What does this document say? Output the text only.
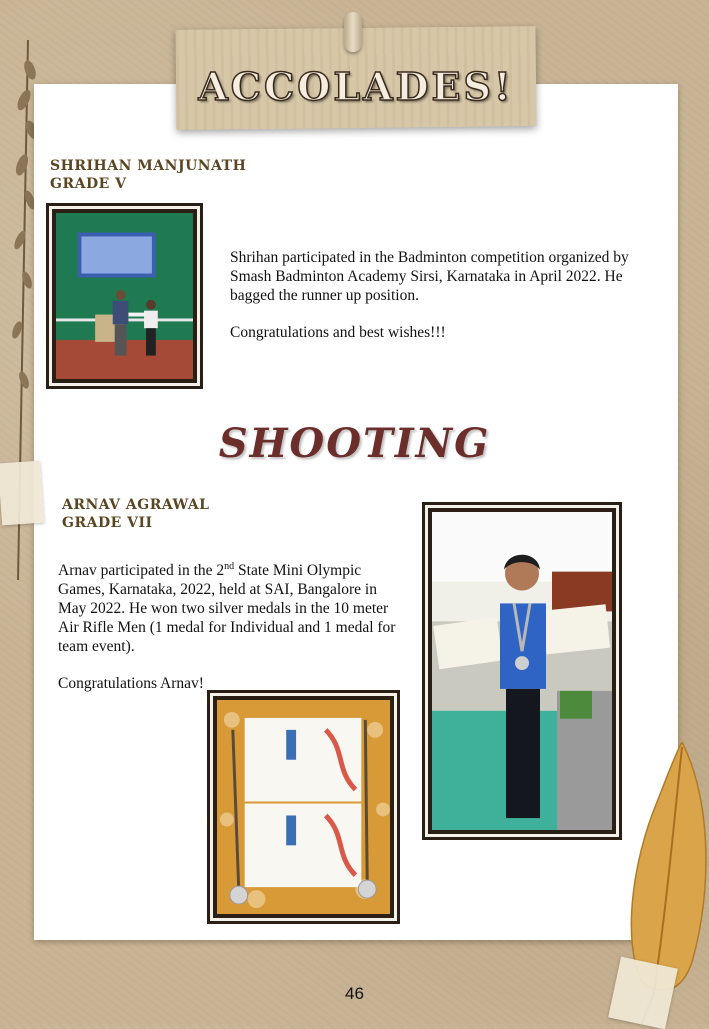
ACCOLADES!
SHRIHAN MANJUNATH
GRADE V

Shrihan participated in the Badminton competition organized by Smash Badminton Academy Sirsi, Karnataka in April 2022. He bagged the runner up position.

Congratulations and best wishes!!!

SHOOTING
ARNAV AGRAWAL
GRADE VII

Arnav participated in the 2nd State Mini Olympic Games, Karnataka, 2022, held at SAI, Bangalore in May 2022. He won two silver medals in the 10 meter Air Rifle Men (1 medal for Individual and 1 medal for team event).

Congratulations Arnav!

46
